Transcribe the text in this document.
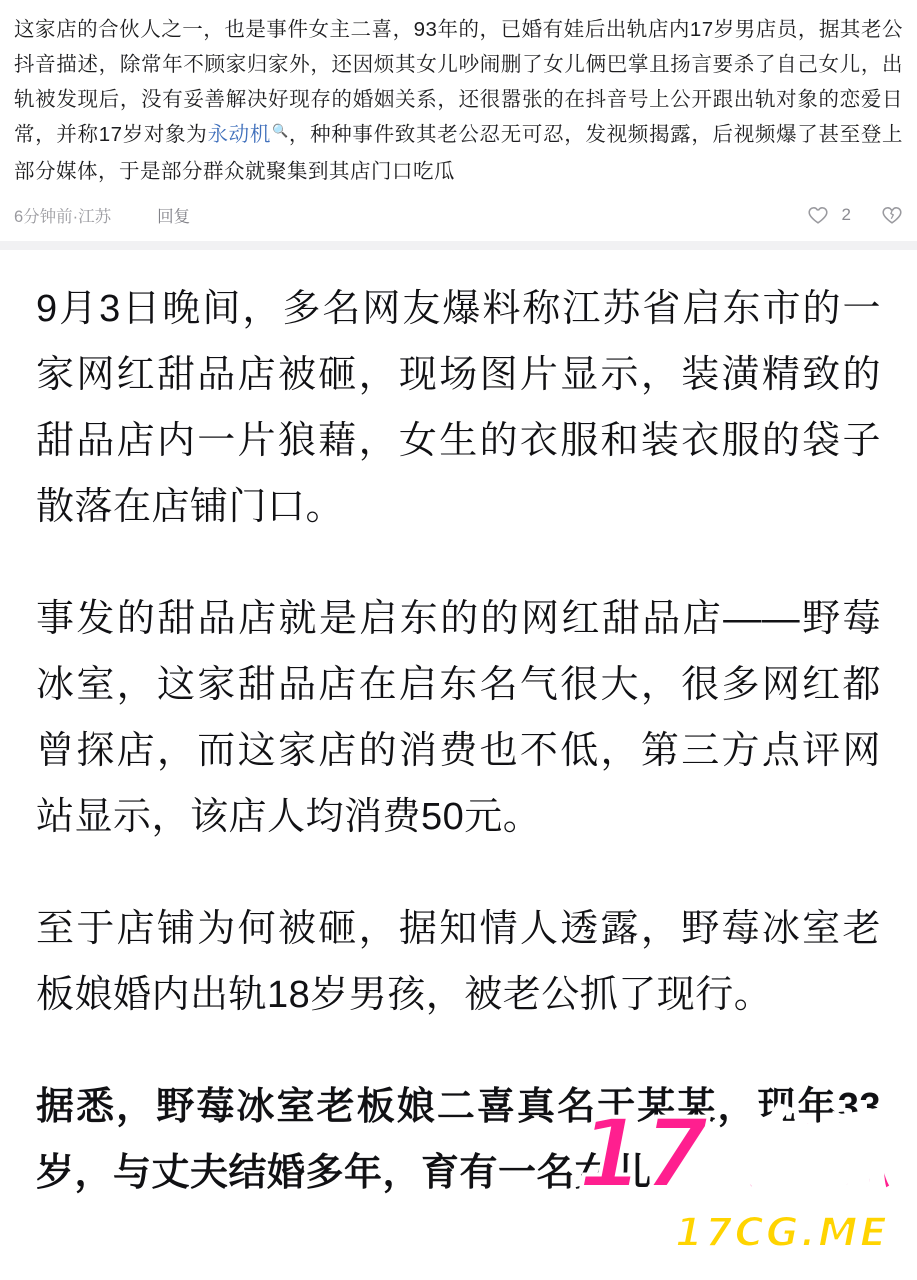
这家店的合伙人之一，也是事件女主二喜，93年的，已婚有娃后出轨店内17岁男店员，据其老公抖音描述，除常年不顾家归家外，还因烦其女儿吵闹删了女儿俩巴掌且扬言要杀了自己女儿，出轨被发现后，没有妥善解决好现存的婚姻关系，还很嚣张的在抖音号上公开跟出轨对象的恋爱日常，并称17岁对象为永动机🔍，种种事件致其老公忍无可忍，发视频揭露，后视频爆了甚至登上部分媒体，于是部分群众就聚集到其店门口吃瓜

6分钟前·江苏	回复	2

9月3日晚间，多名网友爆料称江苏省启东市的一家网红甜品店被砸，现场图片显示，装潢精致的甜品店内一片狼藉，女生的衣服和装衣服的袋子散落在店铺门口。

事发的甜品店就是启东的的网红甜品店——野莓冰室，这家甜品店在启东名气很大，很多网红都曾探店，而这家店的消费也不低，第三方点评网站显示，该店人均消费50元。

至于店铺为何被砸，据知情人透露，野莓冰室老板娘婚内出轨18岁男孩，被老公抓了现行。

据悉，野莓冰室老板娘二喜真名于某某，现年33岁，与丈夫结婚多年，育有一名女儿。

17吃瓜
17CG.ME
